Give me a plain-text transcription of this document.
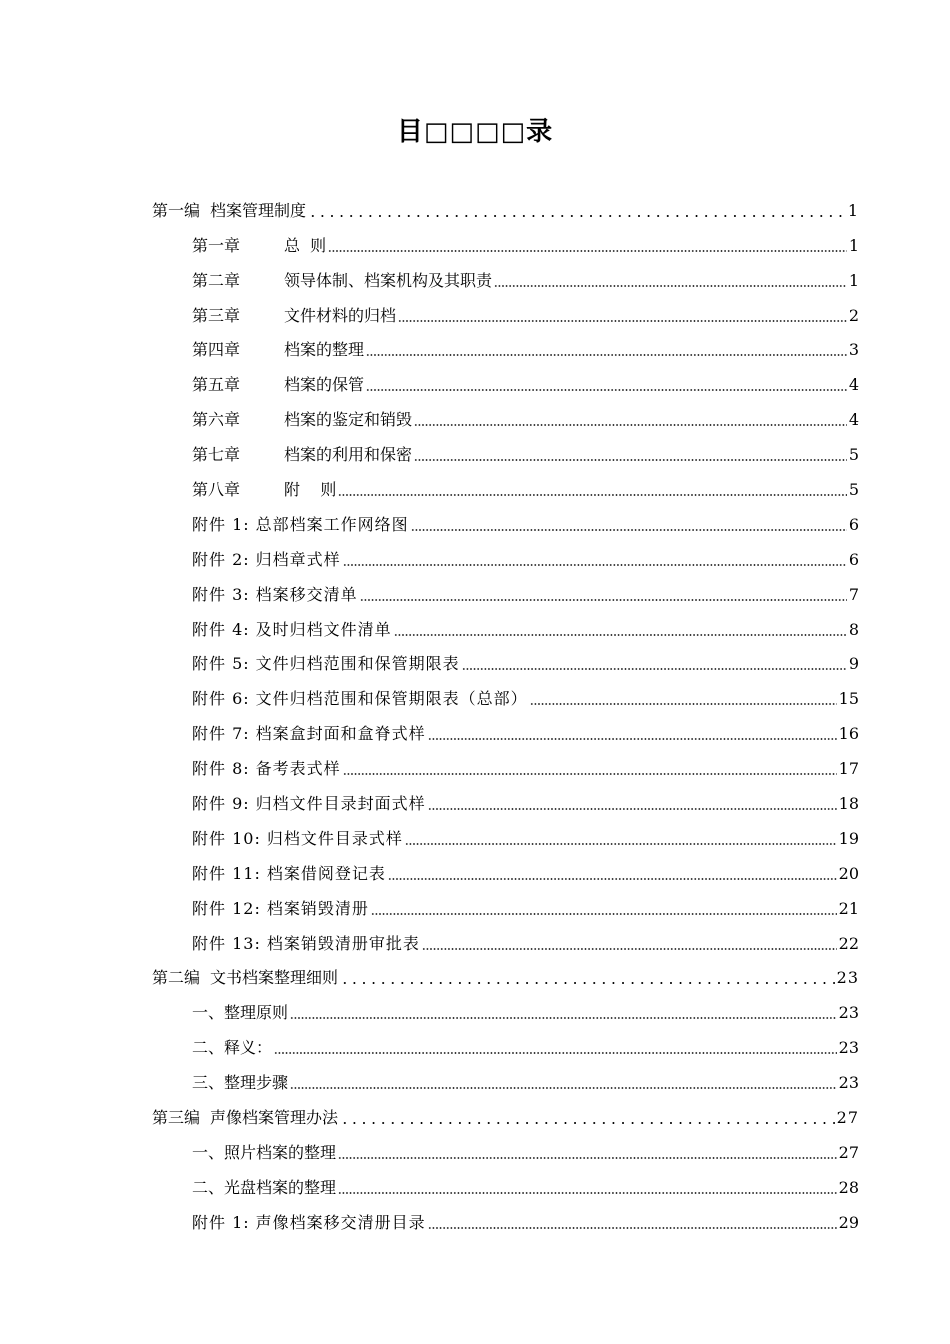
目□□□□录
第一编 档案管理制度	1
第一章	总  则	1
第二章	领导体制、档案机构及其职责	1
第三章	文件材料的归档	2
第四章	档案的整理	3
第五章	档案的保管	4
第六章	档案的鉴定和销毁	4
第七章	档案的利用和保密	5
第八章	附    则	5
附件 1: 总部档案工作网络图	6
附件 2: 归档章式样	6
附件 3: 档案移交清单	7
附件 4: 及时归档文件清单	8
附件 5: 文件归档范围和保管期限表	9
附件 6: 文件归档范围和保管期限表（总部）	15
附件 7: 档案盒封面和盒脊式样	16
附件 8: 备考表式样	17
附件 9: 归档文件目录封面式样	18
附件 10: 归档文件目录式样	19
附件 11: 档案借阅登记表	20
附件 12: 档案销毁清册	21
附件 13: 档案销毁清册审批表	22
第二编 文书档案整理细则	23
一、整理原则	23
二、释义：	23
三、整理步骤	23
第三编 声像档案管理办法	27
一、照片档案的整理	27
二、光盘档案的整理	28
附件 1: 声像档案移交清册目录	29
